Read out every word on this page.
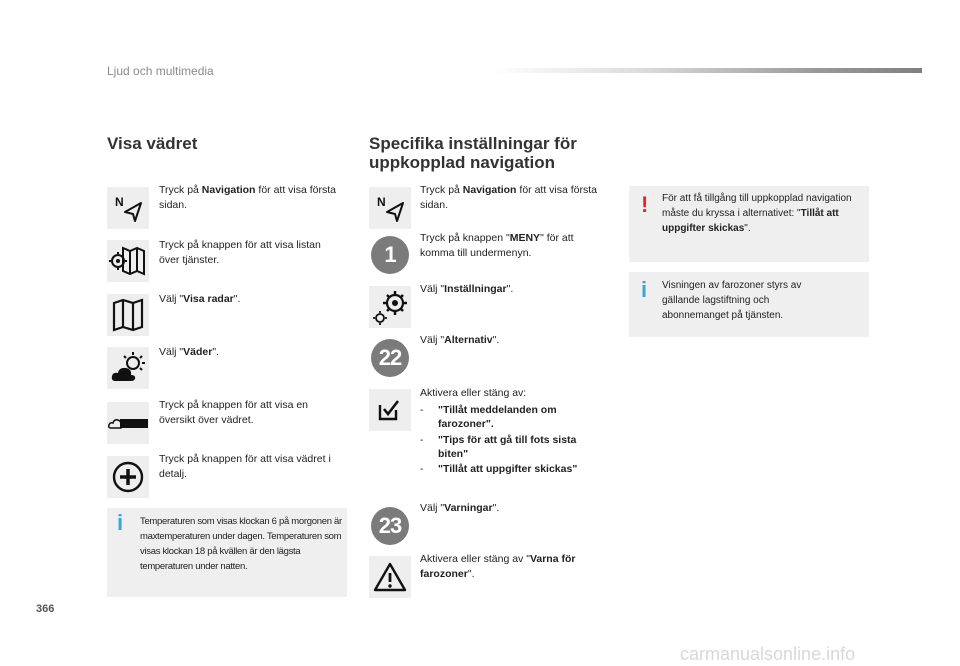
Ljud och multimedia
Visa vädret
N
Tryck på Navigation för att visa första sidan.
Tryck på knappen för att visa listan över tjänster.
Välj "Visa radar".
Välj "Väder".
Tryck på knappen för att visa en översikt över vädret.
Tryck på knappen för att visa vädret i detalj.
i Temperaturen som visas klockan 6 på morgonen är maxtemperaturen under dagen. Temperaturen som visas klockan 18 på kvällen är den lägsta temperaturen under natten.
Specifika inställningar för
uppkopplad navigation
N
Tryck på Navigation för att visa första sidan.
1
Tryck på knappen "MENY" för att komma till undermenyn.
Välj "Inställningar".
22
Välj "Alternativ".
Aktivera eller stäng av:
- "Tillåt meddelanden om farozoner".
- "Tips för att gå till fots sista biten"
- "Tillåt att uppgifter skickas"
23
Välj "Varningar".
Aktivera eller stäng av "Varna för farozoner".
! För att få tillgång till uppkopplad navigation måste du kryssa i alternativet: "Tillåt att uppgifter skickas".
i Visningen av farozoner styrs av gällande lagstiftning och abonnemanget på tjänsten.
366
carmanualsonline.info
